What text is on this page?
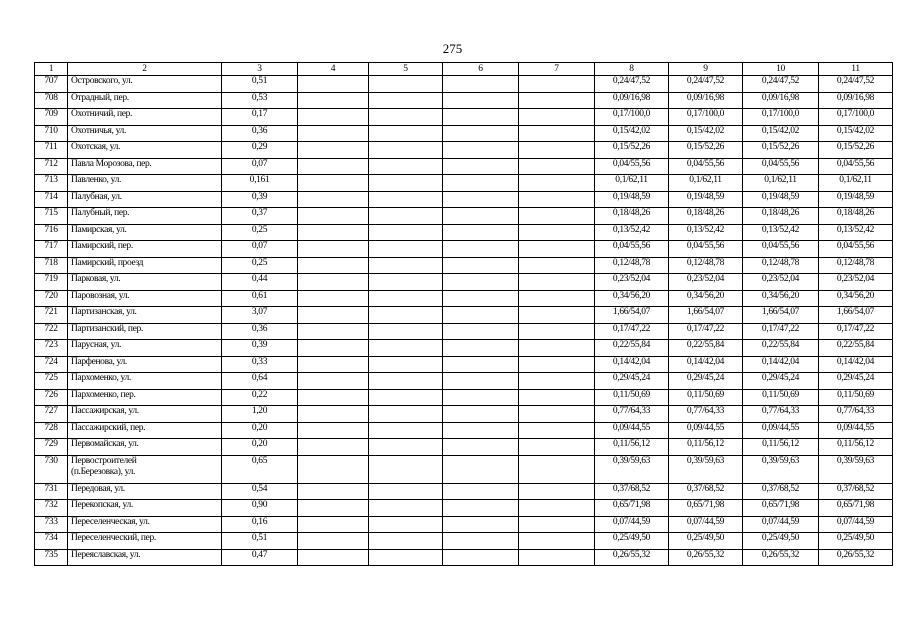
275
1	2	3	4	5	6	7	8	9	10	11
707	Островского, ул.	0,51					0,24/47,52	0,24/47,52	0,24/47,52	0,24/47,52
708	Отрадный, пер.	0,53					0,09/16,98	0,09/16,98	0,09/16,98	0,09/16,98
709	Охотничий, пер.	0,17					0,17/100,0	0,17/100,0	0,17/100,0	0,17/100,0
710	Охотничья, ул.	0,36					0,15/42,02	0,15/42,02	0,15/42,02	0,15/42,02
711	Охотская, ул.	0,29					0,15/52,26	0,15/52,26	0,15/52,26	0,15/52,26
712	Павла Морозова, пер.	0,07					0,04/55,56	0,04/55,56	0,04/55,56	0,04/55,56
713	Павленко, ул.	0,161					0,1/62,11	0,1/62,11	0,1/62,11	0,1/62,11
714	Палубная, ул.	0,39					0,19/48,59	0,19/48,59	0,19/48,59	0,19/48,59
715	Палубный, пер.	0,37					0,18/48,26	0,18/48,26	0,18/48,26	0,18/48,26
716	Памирская, ул.	0,25					0,13/52,42	0,13/52,42	0,13/52,42	0,13/52,42
717	Памирский, пер.	0,07					0,04/55,56	0,04/55,56	0,04/55,56	0,04/55,56
718	Памирский, проезд	0,25					0,12/48,78	0,12/48,78	0,12/48,78	0,12/48,78
719	Парковая, ул.	0,44					0,23/52,04	0,23/52,04	0,23/52,04	0,23/52,04
720	Паровозная, ул.	0,61					0,34/56,20	0,34/56,20	0,34/56,20	0,34/56,20
721	Партизанская, ул.	3,07					1,66/54,07	1,66/54,07	1,66/54,07	1,66/54,07
722	Партизанский, пер.	0,36					0,17/47,22	0,17/47,22	0,17/47,22	0,17/47,22
723	Парусная, ул.	0,39					0,22/55,84	0,22/55,84	0,22/55,84	0,22/55,84
724	Парфенова, ул.	0,33					0,14/42,04	0,14/42,04	0,14/42,04	0,14/42,04
725	Пархоменко, ул.	0,64					0,29/45,24	0,29/45,24	0,29/45,24	0,29/45,24
726	Пархоменко, пер.	0,22					0,11/50,69	0,11/50,69	0,11/50,69	0,11/50,69
727	Пассажирская, ул.	1,20					0,77/64,33	0,77/64,33	0,77/64,33	0,77/64,33
728	Пассажирский, пер.	0,20					0,09/44,55	0,09/44,55	0,09/44,55	0,09/44,55
729	Первомайская, ул.	0,20					0,11/56,12	0,11/56,12	0,11/56,12	0,11/56,12
730	Первостроителей
(п.Березовка), ул.	0,65					0,39/59,63	0,39/59,63	0,39/59,63	0,39/59,63
731	Передовая, ул.	0,54					0,37/68,52	0,37/68,52	0,37/68,52	0,37/68,52
732	Перекопская, ул.	0,90					0,65/71,98	0,65/71,98	0,65/71,98	0,65/71,98
733	Переселенческая, ул.	0,16					0,07/44,59	0,07/44,59	0,07/44,59	0,07/44,59
734	Переселенческий, пер.	0,51					0,25/49,50	0,25/49,50	0,25/49,50	0,25/49,50
735	Переяславская, ул.	0,47					0,26/55,32	0,26/55,32	0,26/55,32	0,26/55,32
